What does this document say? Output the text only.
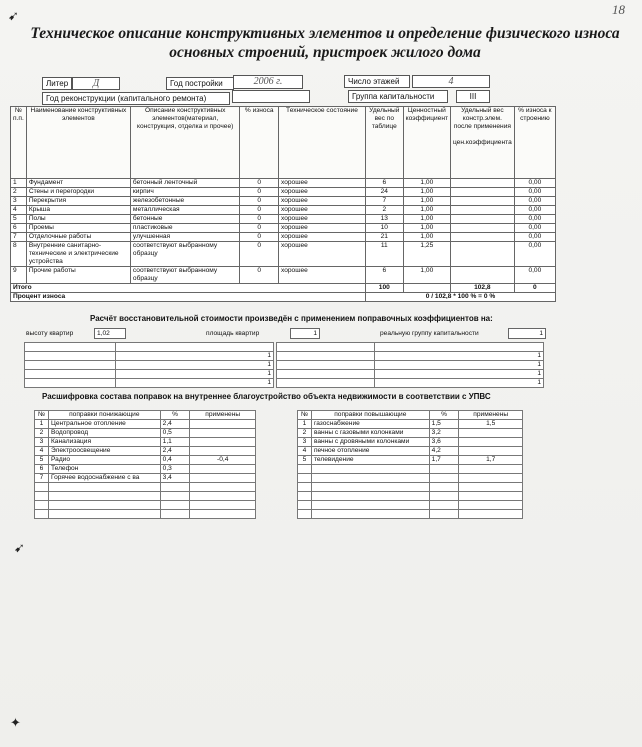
18
➹
➹
✦
Техническое описание конструктивных элементов и определение физического износа основных строений, пристроек жилого дома
Литер	Д	Год постройки	2006 г.	Число этажей	4
Год реконструкции (капитального ремонта)	Группа капитальности	III
№ п.п.	Наименование конструктивных элементов	Описание конструктивных элементов(материал, конструкция, отделка и прочее)	% износа	Техническое состояние	Удельный вес по таблице	Ценностный коэффициент	Удельный вес констр.элем. после применения

цен.коэффициента	% износа к строению
1	Фундамент	бетонный ленточный	0	хорошее	6	1,00		0,00
2	Стены и перегородки	кирпич	0	хорошее	24	1,00		0,00
3	Перекрытия	железобетонные	0	хорошее	7	1,00		0,00
4	Крыша	металлическая	0	хорошее	2	1,00		0,00
5	Полы	бетонные	0	хорошее	13	1,00		0,00
6	Проемы	пластиковые	0	хорошее	10	1,00		0,00
7	Отделочные работы	улучшенная	0	хорошее	21	1,00		0,00
8	Внутренние санитарно-технические и электрические устройства	соответствуют выбранному образцу	0	хорошее	11	1,25		0,00
9	Прочие работы	соответствуют выбранному образцу	0	хорошее	6	1,00		0,00
Итого					100		102,8	0
Процент износа					0 / 102,8 * 100 % = 0 %			
Расчёт восстановительной стоимости произведён с применением поправочных коэффициентов на:
высоту квартир	1,02	площадь квартир	1	реальную группу капитальности	1

	1
	1
	1
	1

	1
	1
	1
	1
Расшифровка состава поправок на внутреннее благоустройство объекта недвижимости в соответствии с УПВС
№	поправки понижающие	%	применены
1	Центральное отопление	2,4	
2	Водопровод	0,5	
3	Канализация	1,1	
4	Электроосвещение	2,4	
5	Радио	0,4	-0,4
6	Телефон	0,3	
7	Горячее водоснабжение с ва	3,4	

№	поправки повышающие	%	применены
1	газоснабжение	1,5	1,5
2	ванны с газовыми колонками	3,2	
3	ванны с дровяными колонками	3,6	
4	печное отопление	4,2	
5	телевидение	1,7	1,7
